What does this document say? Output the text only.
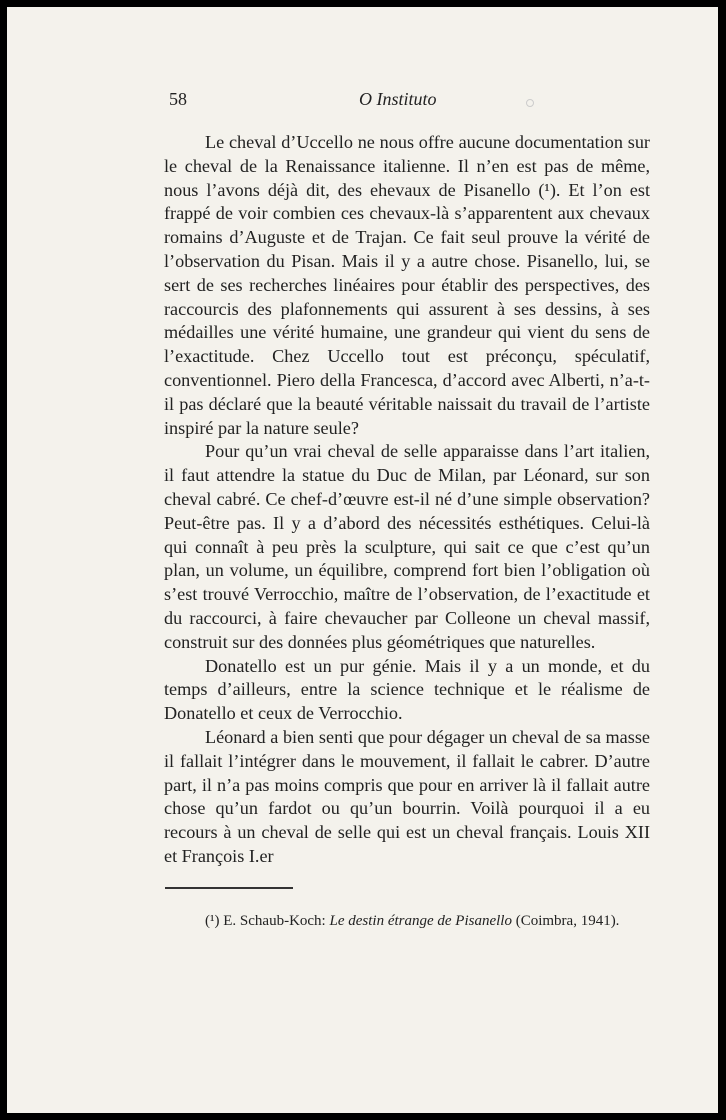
58	O Instituto

Le cheval d’Uccello ne nous offre aucune documentation sur le cheval de la Renaissance italienne. Il n’en est pas de même, nous l’avons déjà dit, des ehevaux de Pisanello (¹). Et l’on est frappé de voir combien ces chevaux-là s’apparentent aux chevaux romains d’Auguste et de Trajan. Ce fait seul prouve la vérité de l’observation du Pisan. Mais il y a autre chose. Pisanello, lui, se sert de ses recherches linéaires pour établir des perspectives, des raccourcis des plafonnements qui assurent à ses dessins, à ses médailles une vérité humaine, une grandeur qui vient du sens de l’exactitude. Chez Uccello tout est préconçu, spéculatif, conventionnel. Piero della Francesca, d’accord avec Alberti, n’a-t-il pas déclaré que la beauté véritable naissait du travail de l’artiste inspiré par la nature seule?

Pour qu’un vrai cheval de selle apparaisse dans l’art italien, il faut attendre la statue du Duc de Milan, par Léonard, sur son cheval cabré. Ce chef-d’œuvre est-il né d’une simple observation? Peut-être pas. Il y a d’abord des nécessités esthétiques. Celui-là qui connaît à peu près la sculpture, qui sait ce que c’est qu’un plan, un volume, un équilibre, comprend fort bien l’obligation où s’est trouvé Verrocchio, maître de l’observation, de l’exactitude et du raccourci, à faire chevaucher par Colleone un cheval massif, construit sur des données plus géométriques que naturelles.

Donatello est un pur génie. Mais il y a un monde, et du temps d’ailleurs, entre la science technique et le réalisme de Donatello et ceux de Verrocchio.

Léonard a bien senti que pour dégager un cheval de sa masse il fallait l’intégrer dans le mouvement, il fallait le cabrer. D’autre part, il n’a pas moins compris que pour en arriver là il fallait autre chose qu’un fardot ou qu’un bourrin. Voilà pourquoi il a eu recours à un cheval de selle qui est un cheval français. Louis XII et François I.er

(¹) E. Schaub-Koch: Le destin étrange de Pisanello (Coimbra, 1941).
